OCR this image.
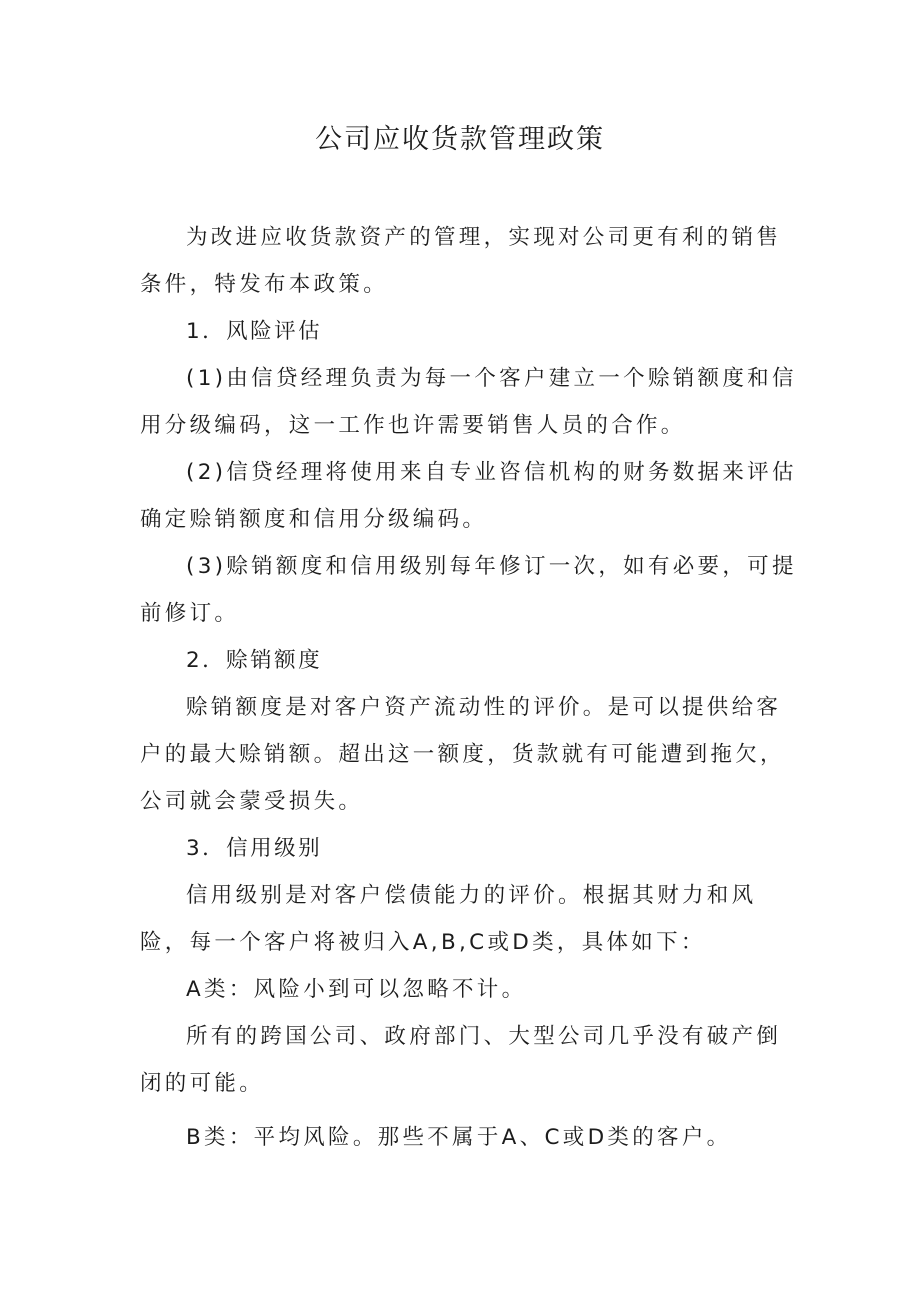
公司应收货款管理政策

为改进应收货款资产的管理，实现对公司更有利的销售条件，特发布本政策。

1．风险评估

(1)由信贷经理负责为每一个客户建立一个赊销额度和信用分级编码，这一工作也许需要销售人员的合作。

(2)信贷经理将使用来自专业咨信机构的财务数据来评估确定赊销额度和信用分级编码。

(3)赊销额度和信用级别每年修订一次，如有必要，可提前修订。

2．赊销额度

赊销额度是对客户资产流动性的评价。是可以提供给客户的最大赊销额。超出这一额度，货款就有可能遭到拖欠，公司就会蒙受损失。

3．信用级别

信用级别是对客户偿债能力的评价。根据其财力和风险，每一个客户将被归入A,B,C或D类，具体如下：

A类：风险小到可以忽略不计。

所有的跨国公司、政府部门、大型公司几乎没有破产倒闭的可能。

B类：平均风险。那些不属于A、C或D类的客户。
